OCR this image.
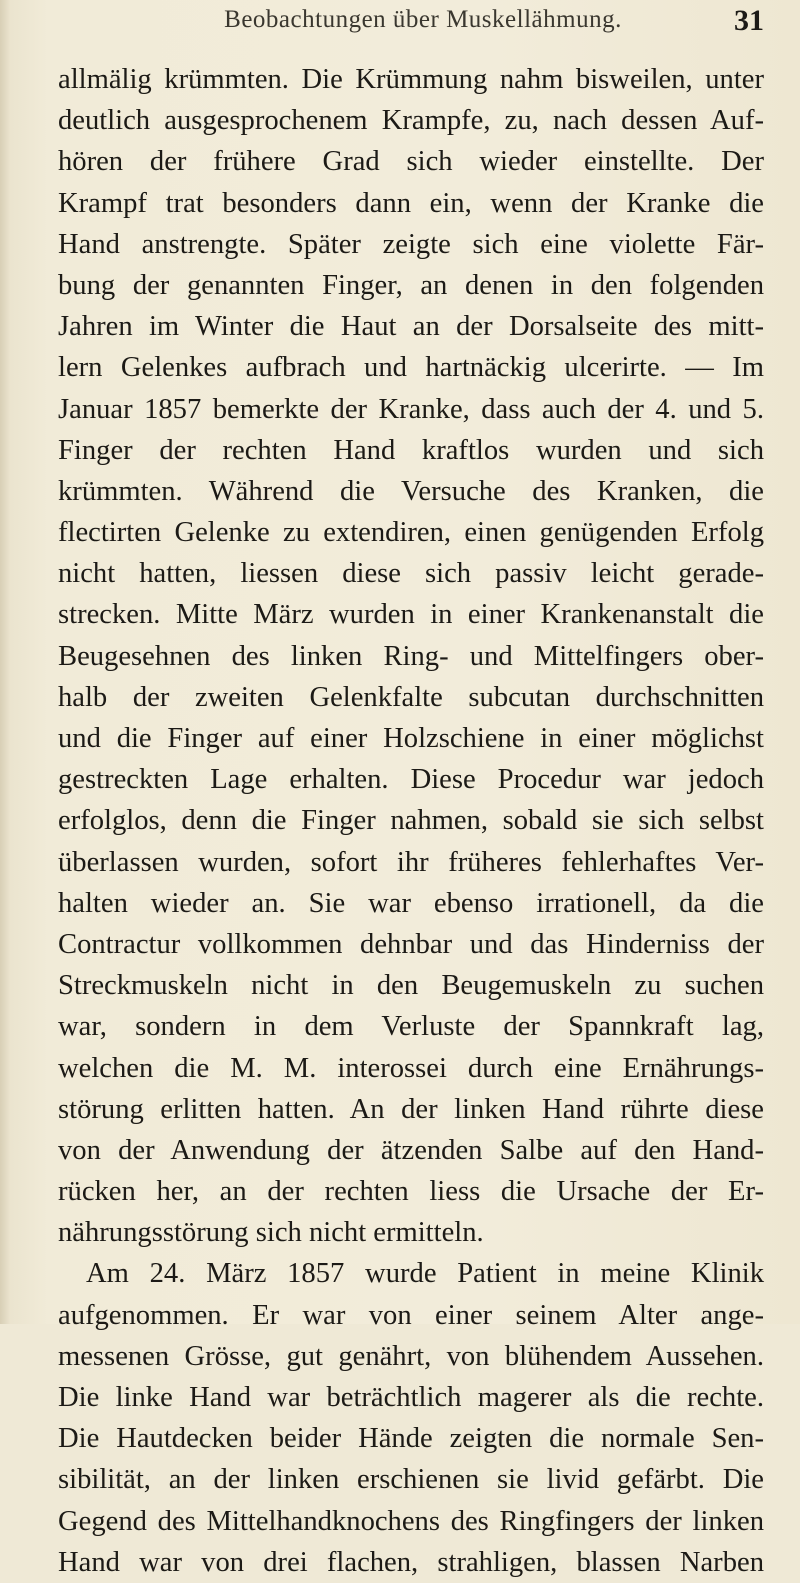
Beobachtungen über Muskellähmung.	31
allmälig krümmten. Die Krümmung nahm bisweilen, unter
deutlich ausgesprochenem Krampfe, zu, nach dessen Auf-
hören der frühere Grad sich wieder einstellte. Der
Krampf trat besonders dann ein, wenn der Kranke die
Hand anstrengte. Später zeigte sich eine violette Fär-
bung der genannten Finger, an denen in den folgenden
Jahren im Winter die Haut an der Dorsalseite des mitt-
lern Gelenkes aufbrach und hartnäckig ulcerirte. — Im
Januar 1857 bemerkte der Kranke, dass auch der 4. und 5.
Finger der rechten Hand kraftlos wurden und sich
krümmten. Während die Versuche des Kranken, die
flectirten Gelenke zu extendiren, einen genügenden Erfolg
nicht hatten, liessen diese sich passiv leicht gerade-
strecken. Mitte März wurden in einer Krankenanstalt die
Beugesehnen des linken Ring- und Mittelfingers ober-
halb der zweiten Gelenkfalte subcutan durchschnitten
und die Finger auf einer Holzschiene in einer möglichst
gestreckten Lage erhalten. Diese Procedur war jedoch
erfolglos, denn die Finger nahmen, sobald sie sich selbst
überlassen wurden, sofort ihr früheres fehlerhaftes Ver-
halten wieder an. Sie war ebenso irrationell, da die
Contractur vollkommen dehnbar und das Hinderniss der
Streckmuskeln nicht in den Beugemuskeln zu suchen
war, sondern in dem Verluste der Spannkraft lag,
welchen die M. M. interossei durch eine Ernährungs-
störung erlitten hatten. An der linken Hand rührte diese
von der Anwendung der ätzenden Salbe auf den Hand-
rücken her, an der rechten liess die Ursache der Er-
nährungsstörung sich nicht ermitteln.
Am 24. März 1857 wurde Patient in meine Klinik
aufgenommen. Er war von einer seinem Alter ange-
messenen Grösse, gut genährt, von blühendem Aussehen.
Die linke Hand war beträchtlich magerer als die rechte.
Die Hautdecken beider Hände zeigten die normale Sen-
sibilität, an der linken erschienen sie livid gefärbt. Die
Gegend des Mittelhandknochens des Ringfingers der linken
Hand war von drei flachen, strahligen, blassen Narben
